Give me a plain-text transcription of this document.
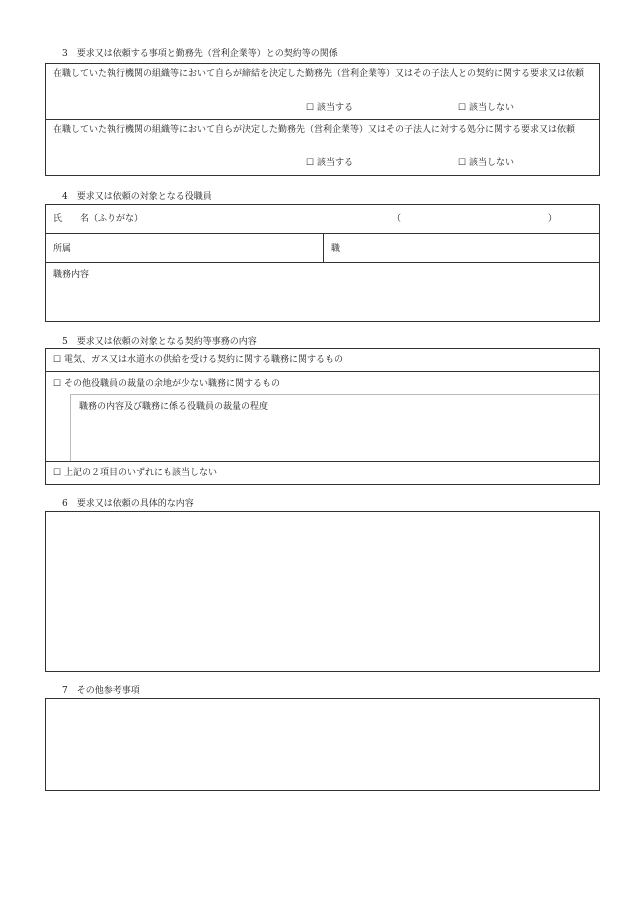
3　要求又は依頼する事項と勤務先（営利企業等）との契約等の関係
在職していた執行機関の組織等において自らが締結を決定した勤務先（営利企業等）又はその子法人との契約に関する要求又は依頼
☐ 該当する	☐ 該当しない
在職していた執行機関の組織等において自らが決定した勤務先（営利企業等）又はその子法人に対する処分に関する要求又は依頼
☐ 該当する	☐ 該当しない
4　要求又は依頼の対象となる役職員
氏　　名（ふりがな）	（	）
所属	職
職務内容
5　要求又は依頼の対象となる契約等事務の内容
☐ 電気、ガス又は水道水の供給を受ける契約に関する職務に関するもの
☐ その他役職員の裁量の余地が少ない職務に関するもの
職務の内容及び職務に係る役職員の裁量の程度
☐ 上記の２項目のいずれにも該当しない
6　要求又は依頼の具体的な内容
7　その他参考事項
